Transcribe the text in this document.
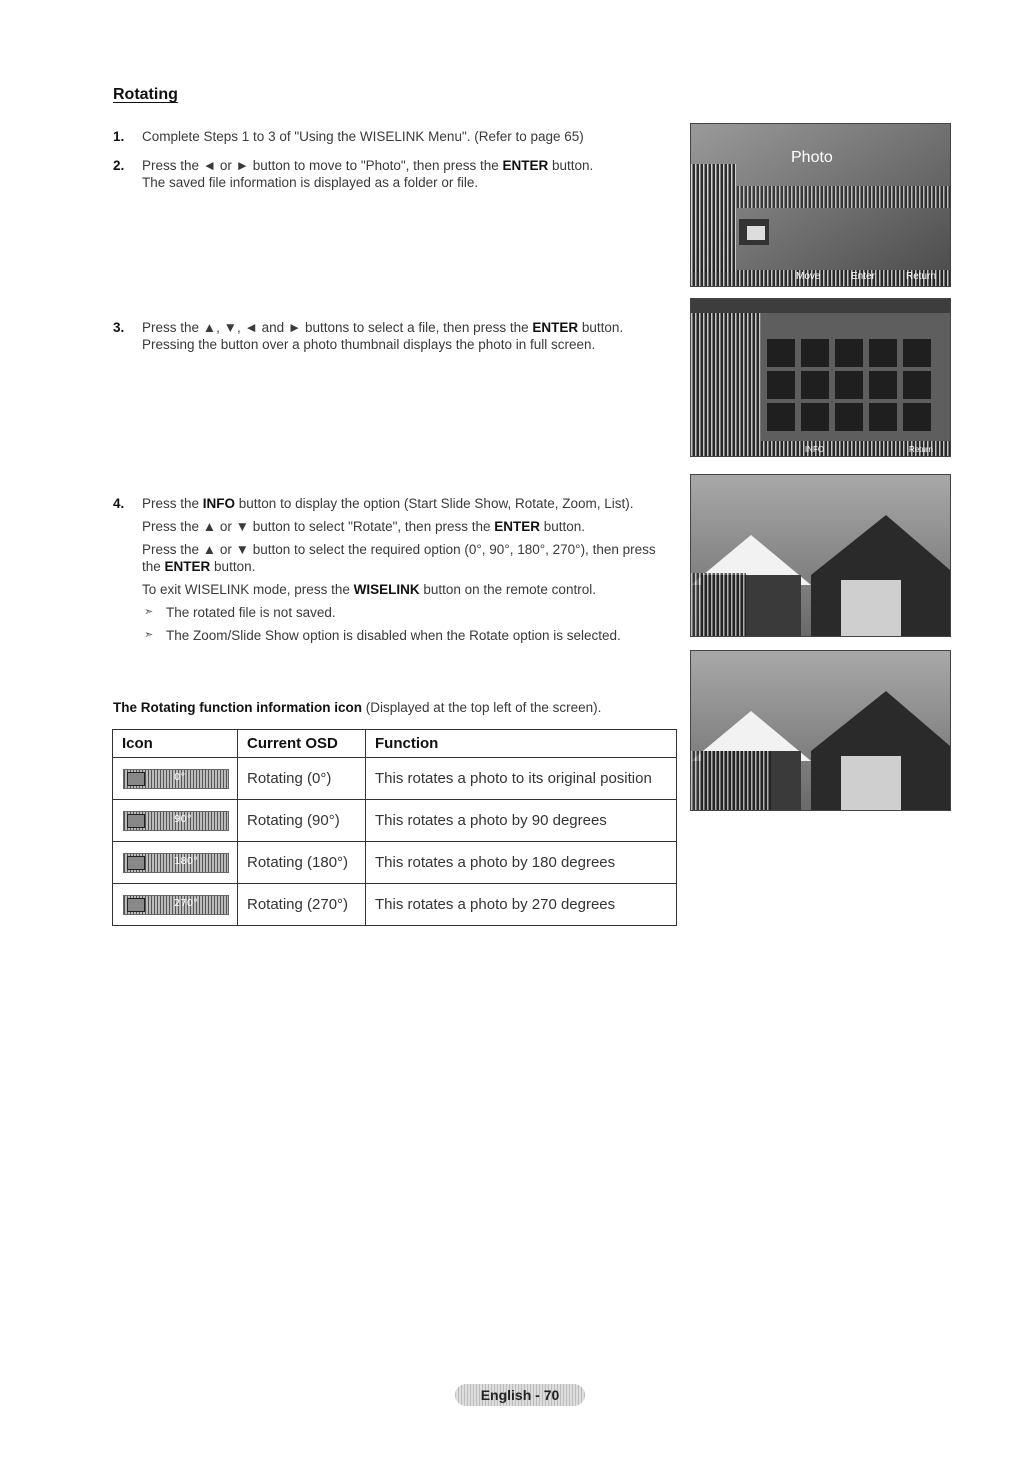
Rotating
1.	Complete Steps 1 to 3 of "Using the WISELINK Menu". (Refer to page 65)

2.	Press the ◄ or ► button to move to "Photo", then press the ENTER button.

The saved file information is displayed as a folder or file.

3.	Press the ▲, ▼, ◄ and ► buttons to select a file, then press the ENTER button.

Pressing the button over a photo thumbnail displays the photo in full screen.

4.	Press the INFO button to display the option (Start Slide Show, Rotate, Zoom, List).

Press the ▲ or ▼ button to select "Rotate", then press the ENTER button.

Press the ▲ or ▼ button to select the required option (0°, 90°, 180°, 270°), then press the ENTER button.

To exit WISELINK mode, press the WISELINK button on the remote control.

➣ The rotated file is not saved.

➣ The Zoom/Slide Show option is disabled when the Rotate option is selected.

Photo
Move	Enter	Return
INFO	Return
The Rotating function information icon (Displayed at the top left of the screen).
Icon	Current OSD	Function

0°	Rotating (0°)	This rotates a photo to its original position

90°	Rotating (90°)	This rotates a photo by 90 degrees

180°	Rotating (180°)	This rotates a photo by 180 degrees

270°	Rotating (270°)	This rotates a photo by 270 degrees
English - 70
